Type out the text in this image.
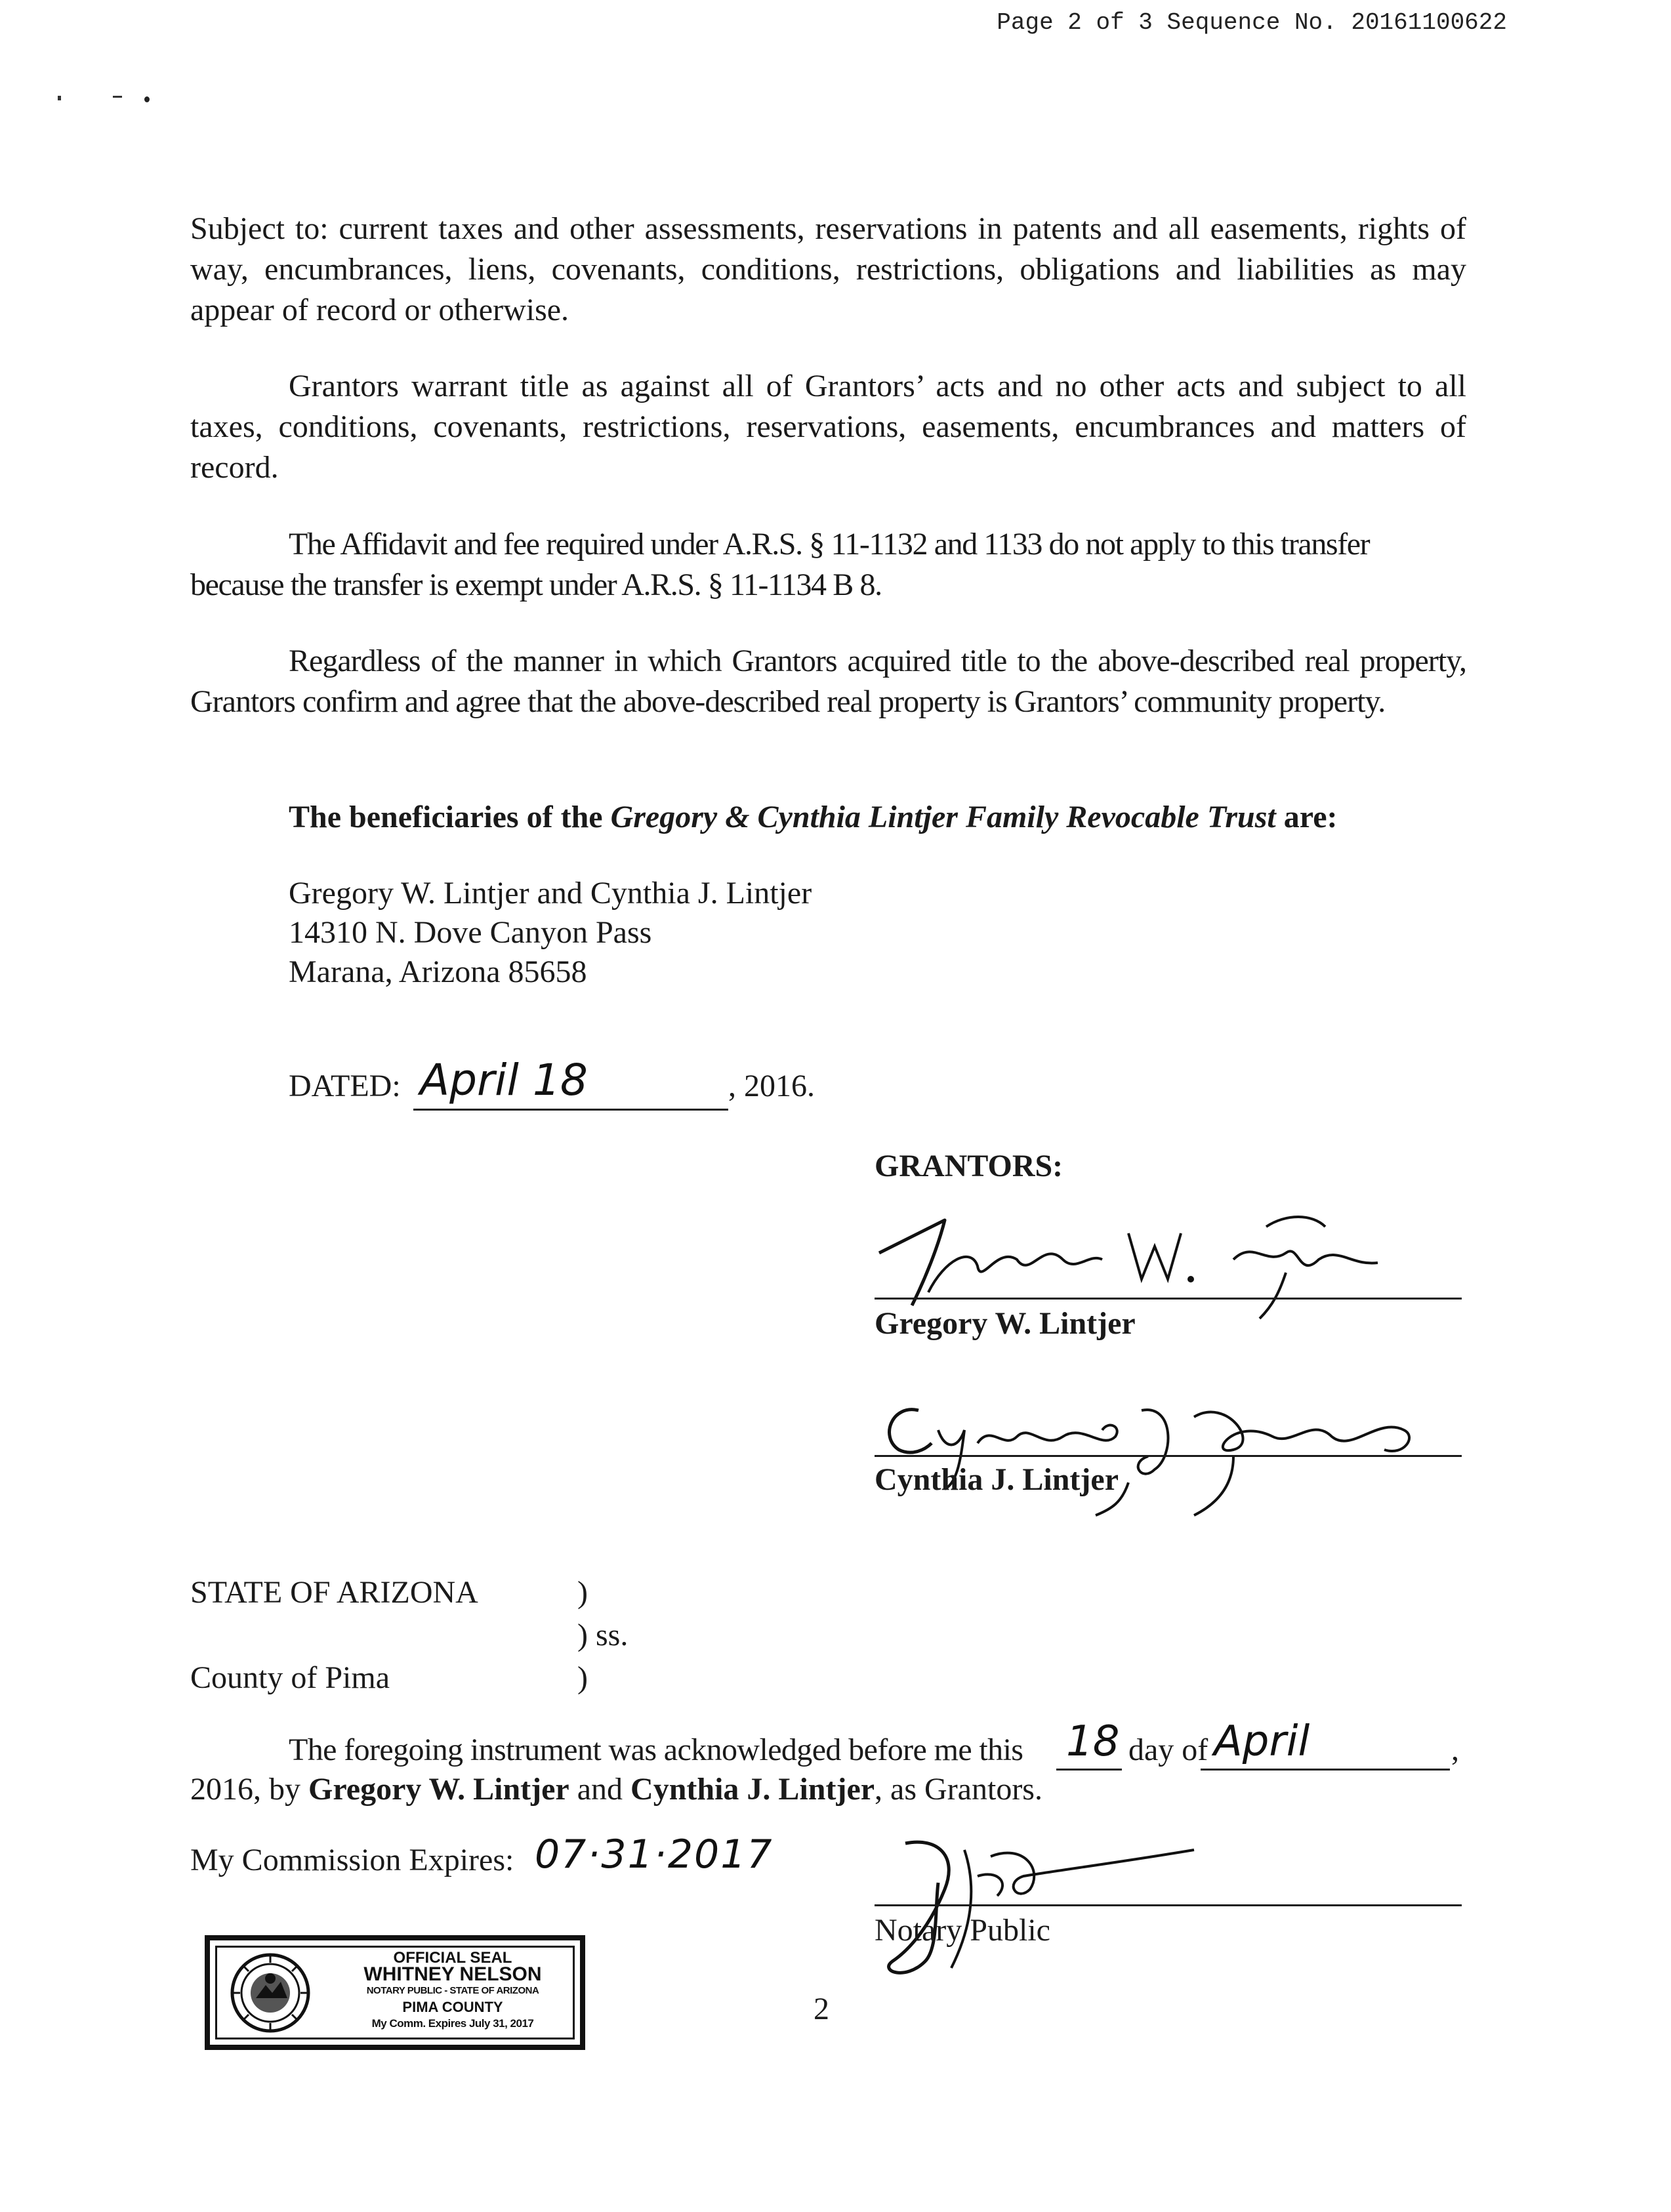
Page 2 of 3 Sequence No. 20161100622

Subject to: current taxes and other assessments, reservations in patents and all easements, rights of way, encumbrances, liens, covenants, conditions, restrictions, obligations and liabilities as may appear of record or otherwise.

Grantors warrant title as against all of Grantors’ acts and no other acts and subject to all taxes, conditions, covenants, restrictions, reservations, easements, encumbrances and matters of record.

The Affidavit and fee required under A.R.S. § 11-1132 and 1133 do not apply to this transfer because the transfer is exempt under A.R.S. § 11-1134 B 8.

Regardless of the manner in which Grantors acquired title to the above-described real property, Grantors confirm and agree that the above-described real property is Grantors’ community property.

The beneficiaries of the Gregory & Cynthia Lintjer Family Revocable Trust are:
Gregory W. Lintjer and Cynthia J. Lintjer
14310 N. Dove Canyon Pass
Marana, Arizona 85658
DATED: April 18	, 2016.
GRANTORS:
Gregory W. Lintjer
Cynthia J. Lintjer
STATE OF ARIZONA	)
) ss.
County of Pima	)
The foregoing instrument was acknowledged before me this 18 day of April	,
2016, by Gregory W. Lintjer and Cynthia J. Lintjer, as Grantors.
My Commission Expires: 07·31·2017
Notary Public
OFFICIAL SEAL
WHITNEY NELSON
NOTARY PUBLIC - STATE OF ARIZONA
PIMA COUNTY
My Comm. Expires July 31, 2017	2
